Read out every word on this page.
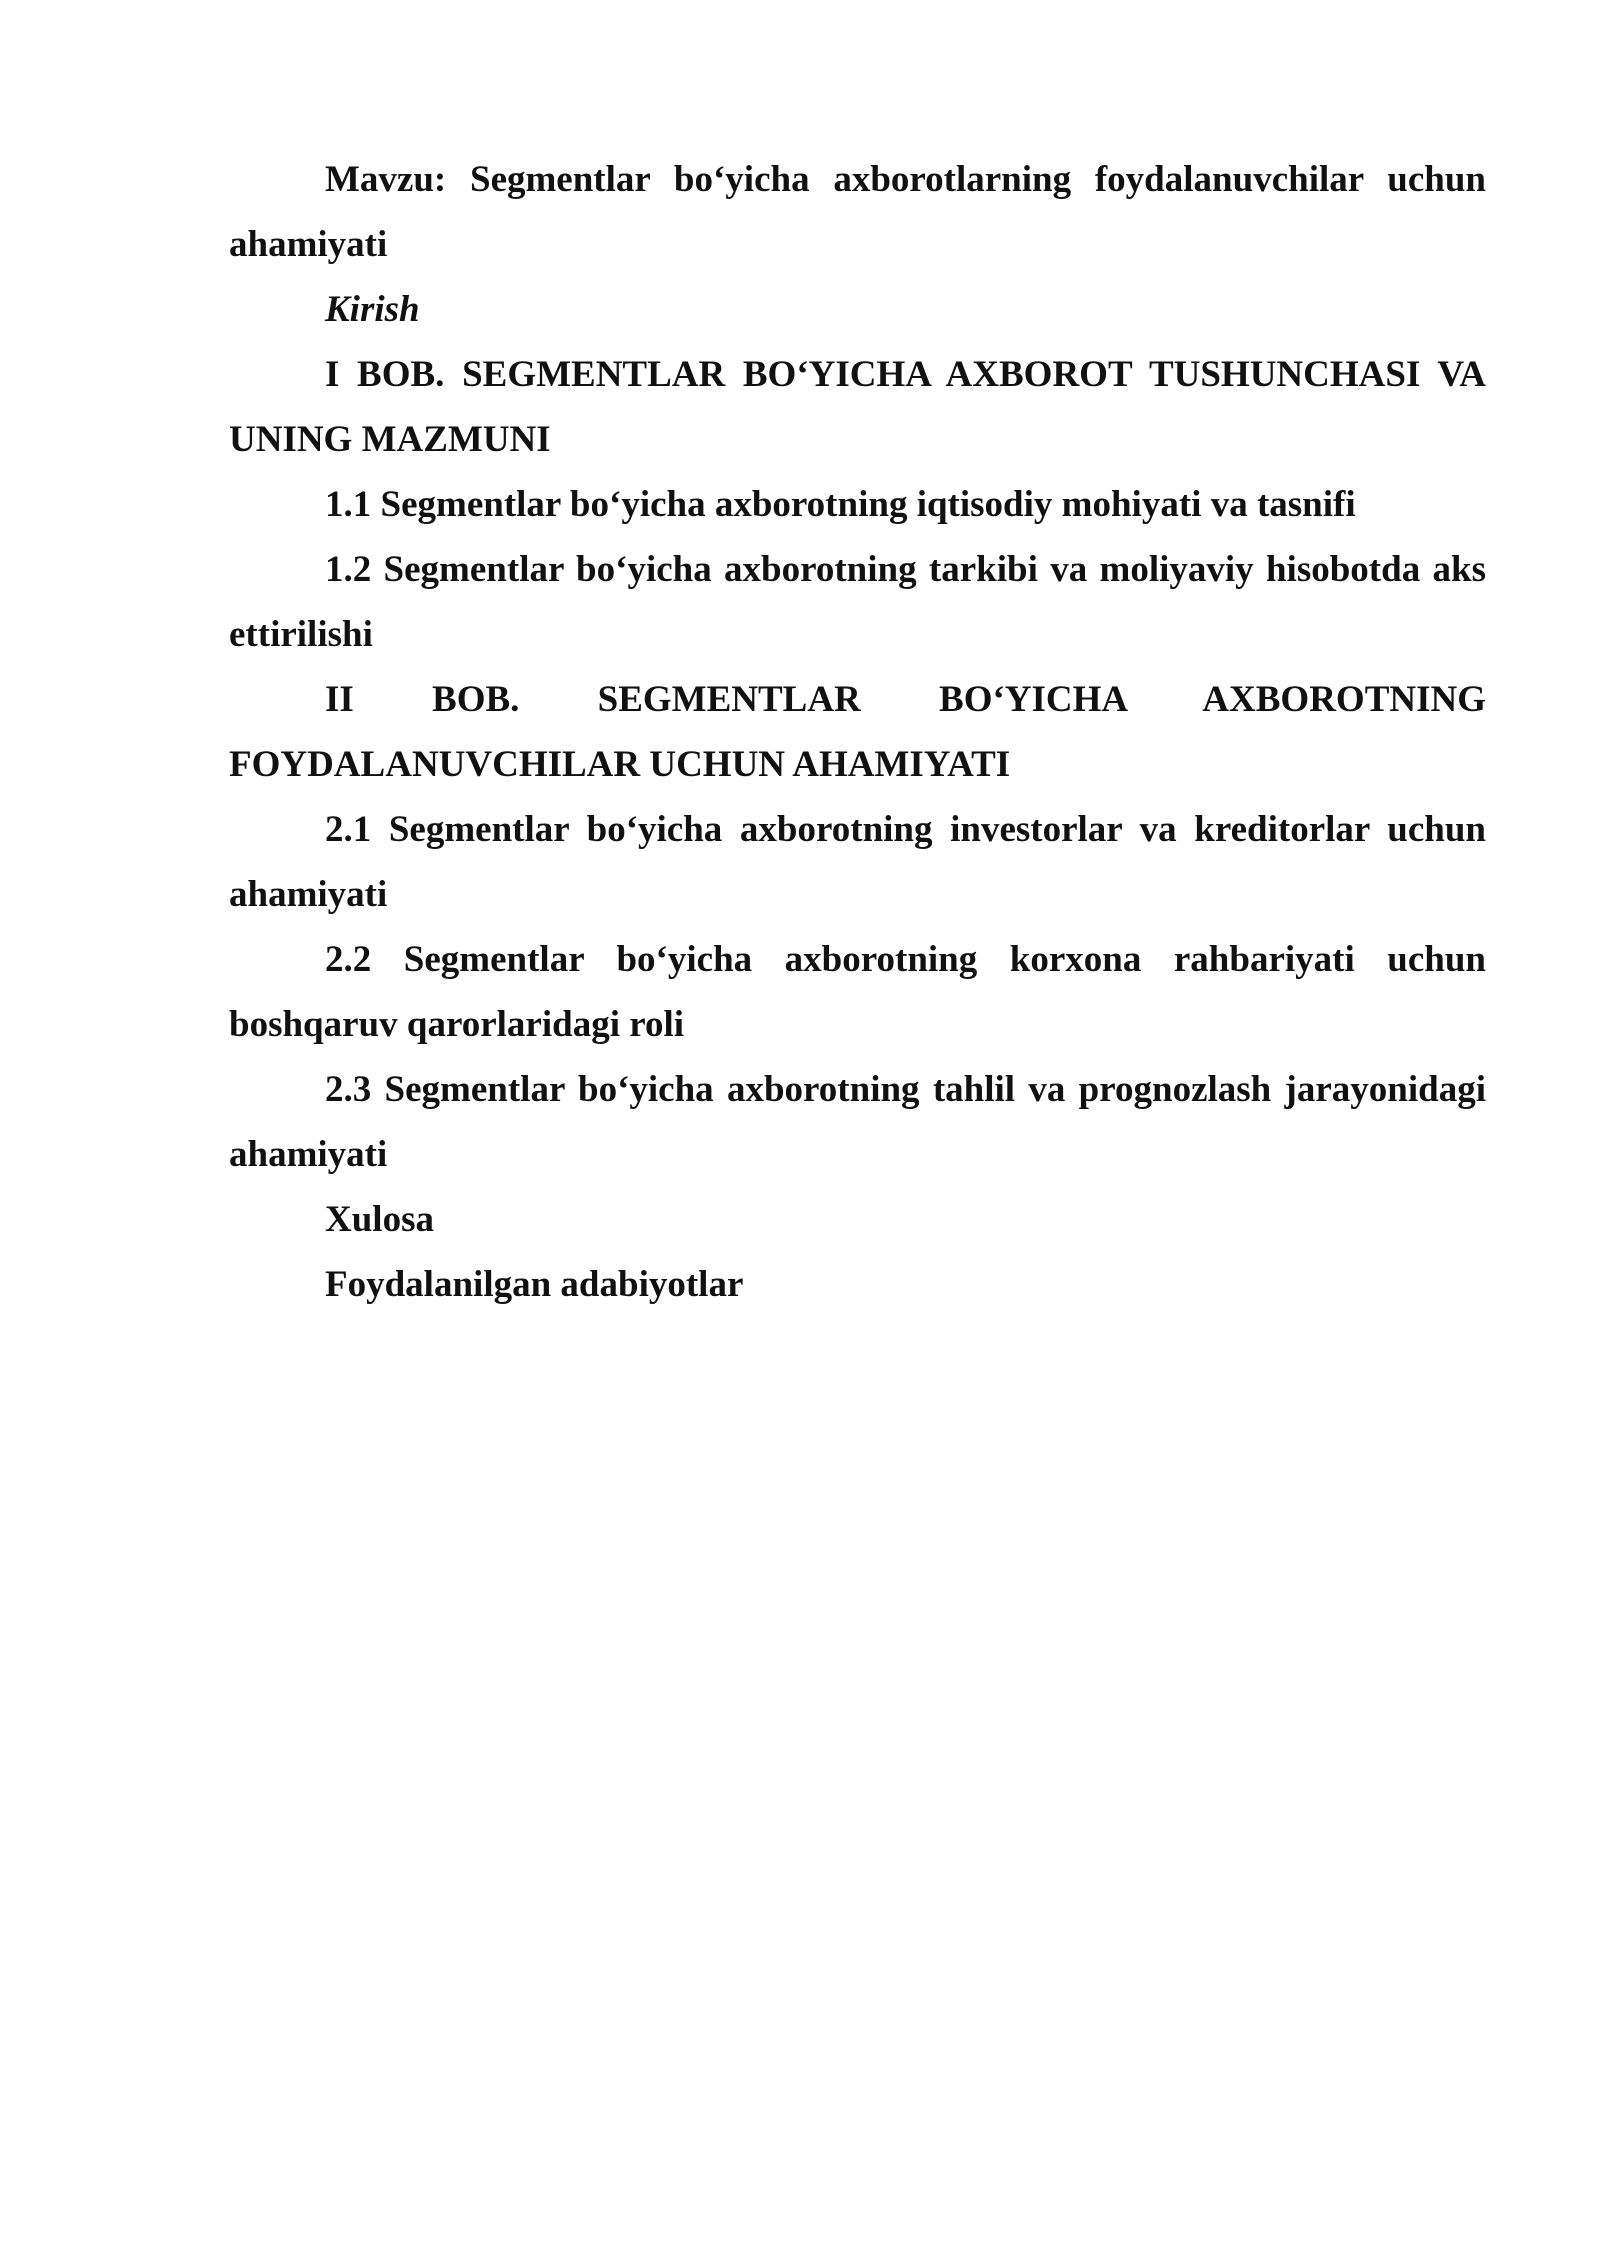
Mavzu: Segmentlar bo‘yicha axborotlarning foydalanuvchilar uchun ahamiyati

Kirish

I BOB. SEGMENTLAR BO‘YICHA AXBOROT TUSHUNCHASI VA UNING MAZMUNI

1.1 Segmentlar bo‘yicha axborotning iqtisodiy mohiyati va tasnifi

1.2 Segmentlar bo‘yicha axborotning tarkibi va moliyaviy hisobotda aks ettirilishi

II BOB. SEGMENTLAR BO‘YICHA AXBOROTNING FOYDALANUVCHILAR UCHUN AHAMIYATI

2.1 Segmentlar bo‘yicha axborotning investorlar va kreditorlar uchun ahamiyati

2.2 Segmentlar bo‘yicha axborotning korxona rahbariyati uchun boshqaruv qarorlaridagi roli

2.3 Segmentlar bo‘yicha axborotning tahlil va prognozlash jarayonidagi ahamiyati

Xulosa

Foydalanilgan adabiyotlar
